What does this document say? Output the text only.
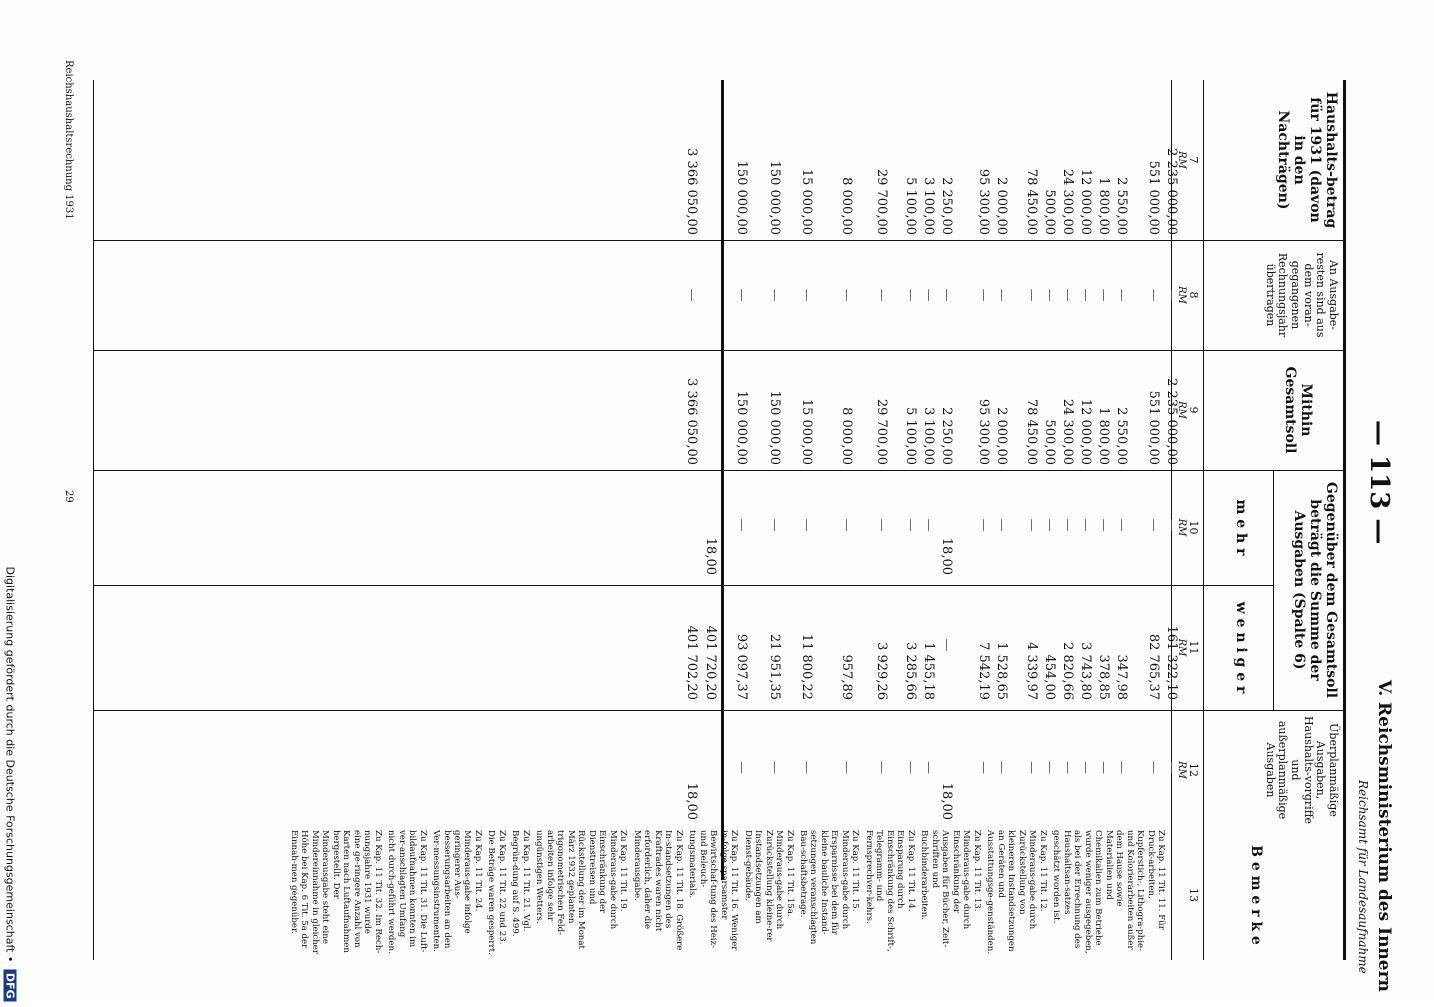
Digitalisierung gefördert durch die Deutsche Forschungsgemeinschaft • DFG
— 113 —
V. Reichsministerium des Innern
Reichsamt für Landesaufnahme
Haushalts-betrag für 1931 (davon in den Nachträgen)
An Ausgabe-resten sind aus dem voran-gegangenen Rechnungsjahr übertragen
Mithin Gesamtsoll
Gegenüber dem Gesamtsoll beträgt die Summe der Ausgaben (Spalte 6)
m e h r
w e n i g e r
Überplanmäßige Ausgaben, Haushalts-vorgriffe und außerplanmäßige Ausgaben
B e m e r k e
7
8
9
10
11
12
13
RM
RM
RM
RM
RM
RM
2 235 000,00
—
2 235 000,00
—
161 322,10
—
551 000,00
—
551 000,00
—
82 765,37
—
2 550,00
—
2 550,00
—
347,98
—
1 800,00
—
1 800,00
—
378,85
—
12 000,00
—
12 000,00
—
3 743,80
—
24 300,00
—
24 300,00
—
2 820,66
—
500,00
—
500,00
—
454,00
—
78 450,00
—
78 450,00
—
4 339,97
—
2 000,00
—
2 000,00
—
1 528,65
—
95 300,00
—
95 300,00
—
7 542,19
—
2 250,00
—
2 250,00
18,00
—
18,00
3 100,00
—
3 100,00
—
1 455,18
—
5 100,00
—
5 100,00
—
3 285,66
—
29 700,00
—
29 700,00
—
3 929,26
—
8 000,00
—
8 000,00
—
957,89
—
15 000,00
—
15 000,00
—
11 800,22
—
150 000,00
—
150 000,00
—
21 951,35
—
150 000,00
—
150 000,00
—
93 097,37
—
3 366 050,00
—
3 366 050,00
18,00
401 720,20
401 702,20
18,00
Zu Kap. 11 Tit. 11. Für Druck-arbeiten, Kupferstich-, Lithogra-phie- und Kolorierarbeiten außer dem Hause sowie Materialien und Chemikalien zum Betriebe wurde weniger ausgegeben, als bei der Errechnung des Haushaltsan-satzes geschätzt worden ist.
Zu Kap. 11 Tit. 12. Minderaus-gabe durch Zurückstellung von kleineren Instandsetzungen an Geräten und Ausstattungsge-genständen.
Zu Kap. 11 Tit. 13. Minderaus-gabe durch Einschränkung der Ausgaben für Bücher, Zeit-schriften und Buchbinderarbeiten.
Zu Kap. 11 Tit. 14. Einsparung durch Einschränkung des Schrift-, Telegramm- und Fernsprechver-kehrs.
Zu Kap. 11 Tit. 15. Minderaus-gabe durch Ersparnisse bei dem für kleine bauliche Instand-setzungen veranschlagten Bau-schaftsbetrage.
Zu Kap. 11 Tit. 15a. Minderaus-gabe durch Zurückstellung kleine-rer Instandsetzungen am Dienst-gebäude.
Zu Kap. 11 Tit. 16. Weniger in-folge sparsamster Bewirtschaf-tung des Heiz- und Beleuch-tungsmaterials.
Zu Kap. 11 Tit. 18. Größere In-standsetzungen des Kraftrades waren nicht erforderlich, daher die Minderausgabe.
Zu Kap. 11 Tit. 19. Minderaus-gabe durch Einschränkung der Dienstreisen und Rückstellung der im Monat März 1932 geplanten trigonometrischen Feld-arbeiten infolge sehr ungünstigen Wetters.
Zu Kap. 11 Tit. 21. Vgl. Begrün-dung auf S. 499.
Zu Kap. 11 Tit. 22 und 23. Die Beträge waren gesperrt.
Zu Kap. 11 Tit. 24. Minderaus-gabe infolge geringerer Aus-besserungsarbeiten an den Ver-messungsinstrumenten.
Zu Kap. 11 Tit. 31. Die Luft-bildaufnahmen konnten im ver-anschlagten Umfang nicht durch-geführt werden.
Zu Kap. 11 Tit. 32. Im Rech-nungsjahre 1931 wurde eine ge-ringere Anzahl von Karten nach Luftaufnahmen hergestellt. Der Minderausgabe steht eine Mindereinnahme in gleicher Höhe bei Kap. 6 Tit. 5a der Einnah-men gegenüber.
Reichshaushaltsrechnung 1931
29
